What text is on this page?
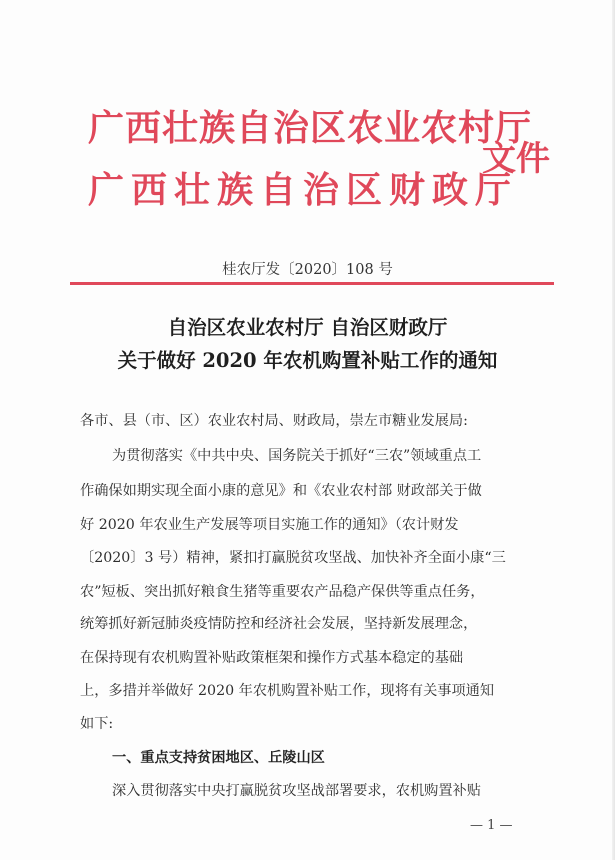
广西壮族自治区农业农村厅
广西壮族自治区财政厅
文件
桂农厅发〔2020〕108 号
自治区农业农村厅 自治区财政厅
关于做好 2020 年农机购置补贴工作的通知
各市、县（市、区）农业农村局、财政局，崇左市糖业发展局:
为贯彻落实《中共中央、国务院关于抓好“三农”领域重点工
作确保如期实现全面小康的意见》和《农业农村部 财政部关于做
好 2020 年农业生产发展等项目实施工作的通知》（农计财发
〔2020〕3 号）精神，紧扣打赢脱贫攻坚战、加快补齐全面小康“三
农”短板、突出抓好粮食生猪等重要农产品稳产保供等重点任务，
统筹抓好新冠肺炎疫情防控和经济社会发展，坚持新发展理念，
在保持现有农机购置补贴政策框架和操作方式基本稳定的基础
上，多措并举做好 2020 年农机购置补贴工作，现将有关事项通知
如下:
一、重点支持贫困地区、丘陵山区
深入贯彻落实中央打赢脱贫攻坚战部署要求，农机购置补贴
— 1 —
